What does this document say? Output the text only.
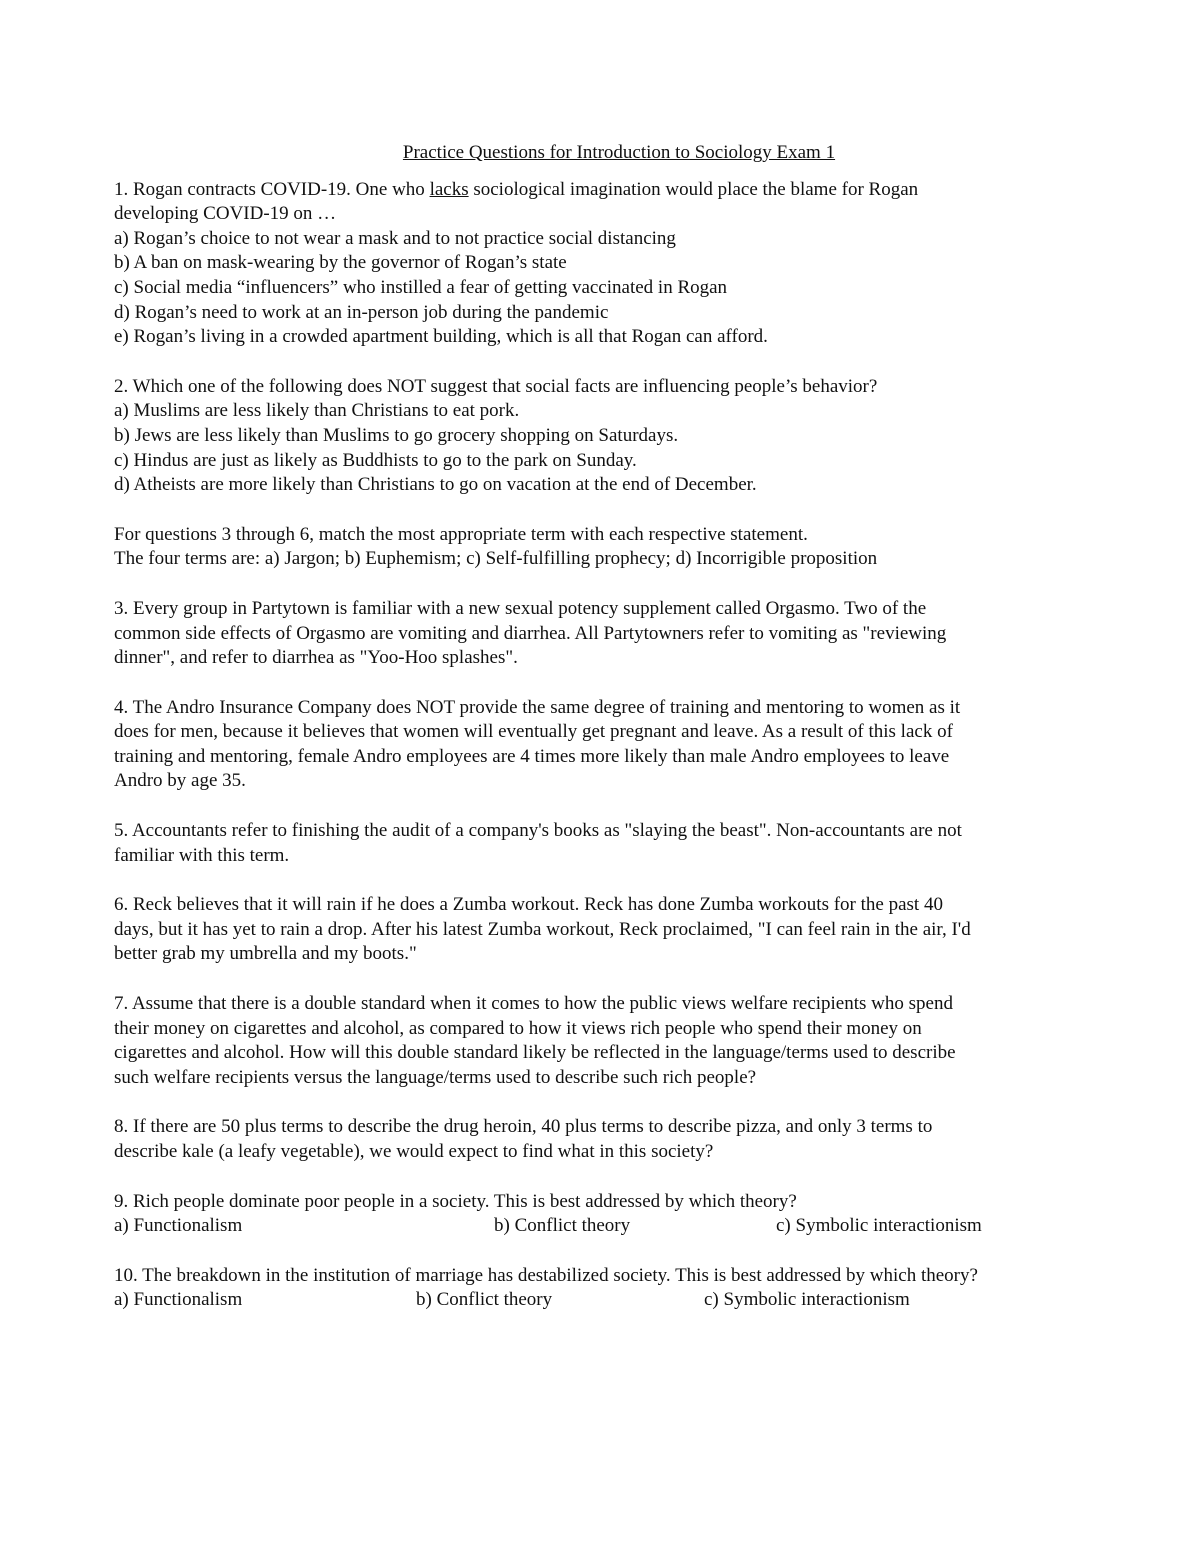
Practice Questions for Introduction to Sociology Exam 1
1. Rogan contracts COVID-19. One who lacks sociological imagination would place the blame for Rogan
developing COVID-19 on …
a) Rogan’s choice to not wear a mask and to not practice social distancing
b) A ban on mask-wearing by the governor of Rogan’s state
c) Social media “influencers” who instilled a fear of getting vaccinated in Rogan
d) Rogan’s need to work at an in-person job during the pandemic
e) Rogan’s living in a crowded apartment building, which is all that Rogan can afford.
2. Which one of the following does NOT suggest that social facts are influencing people’s behavior?
a) Muslims are less likely than Christians to eat pork.
b) Jews are less likely than Muslims to go grocery shopping on Saturdays.
c) Hindus are just as likely as Buddhists to go to the park on Sunday.
d) Atheists are more likely than Christians to go on vacation at the end of December.
For questions 3 through 6, match the most appropriate term with each respective statement.
The four terms are: a) Jargon; b) Euphemism; c) Self-fulfilling prophecy; d) Incorrigible proposition
3. Every group in Partytown is familiar with a new sexual potency supplement called Orgasmo. Two of the
common side effects of Orgasmo are vomiting and diarrhea. All Partytowners refer to vomiting as "reviewing
dinner", and refer to diarrhea as "Yoo-Hoo splashes".
4. The Andro Insurance Company does NOT provide the same degree of training and mentoring to women as it
does for men, because it believes that women will eventually get pregnant and leave. As a result of this lack of
training and mentoring, female Andro employees are 4 times more likely than male Andro employees to leave
Andro by age 35.
5. Accountants refer to finishing the audit of a company's books as "slaying the beast". Non-accountants are not
familiar with this term.
6. Reck believes that it will rain if he does a Zumba workout. Reck has done Zumba workouts for the past 40
days, but it has yet to rain a drop. After his latest Zumba workout, Reck proclaimed, "I can feel rain in the air, I'd
better grab my umbrella and my boots."
7. Assume that there is a double standard when it comes to how the public views welfare recipients who spend
their money on cigarettes and alcohol, as compared to how it views rich people who spend their money on
cigarettes and alcohol. How will this double standard likely be reflected in the language/terms used to describe
such welfare recipients versus the language/terms used to describe such rich people?
8. If there are 50 plus terms to describe the drug heroin, 40 plus terms to describe pizza, and only 3 terms to
describe kale (a leafy vegetable), we would expect to find what in this society?
9. Rich people dominate poor people in a society. This is best addressed by which theory?
a) Functionalism	b) Conflict theory	c) Symbolic interactionism
10. The breakdown in the institution of marriage has destabilized society. This is best addressed by which theory?
a) Functionalism	b) Conflict theory	c) Symbolic interactionism
